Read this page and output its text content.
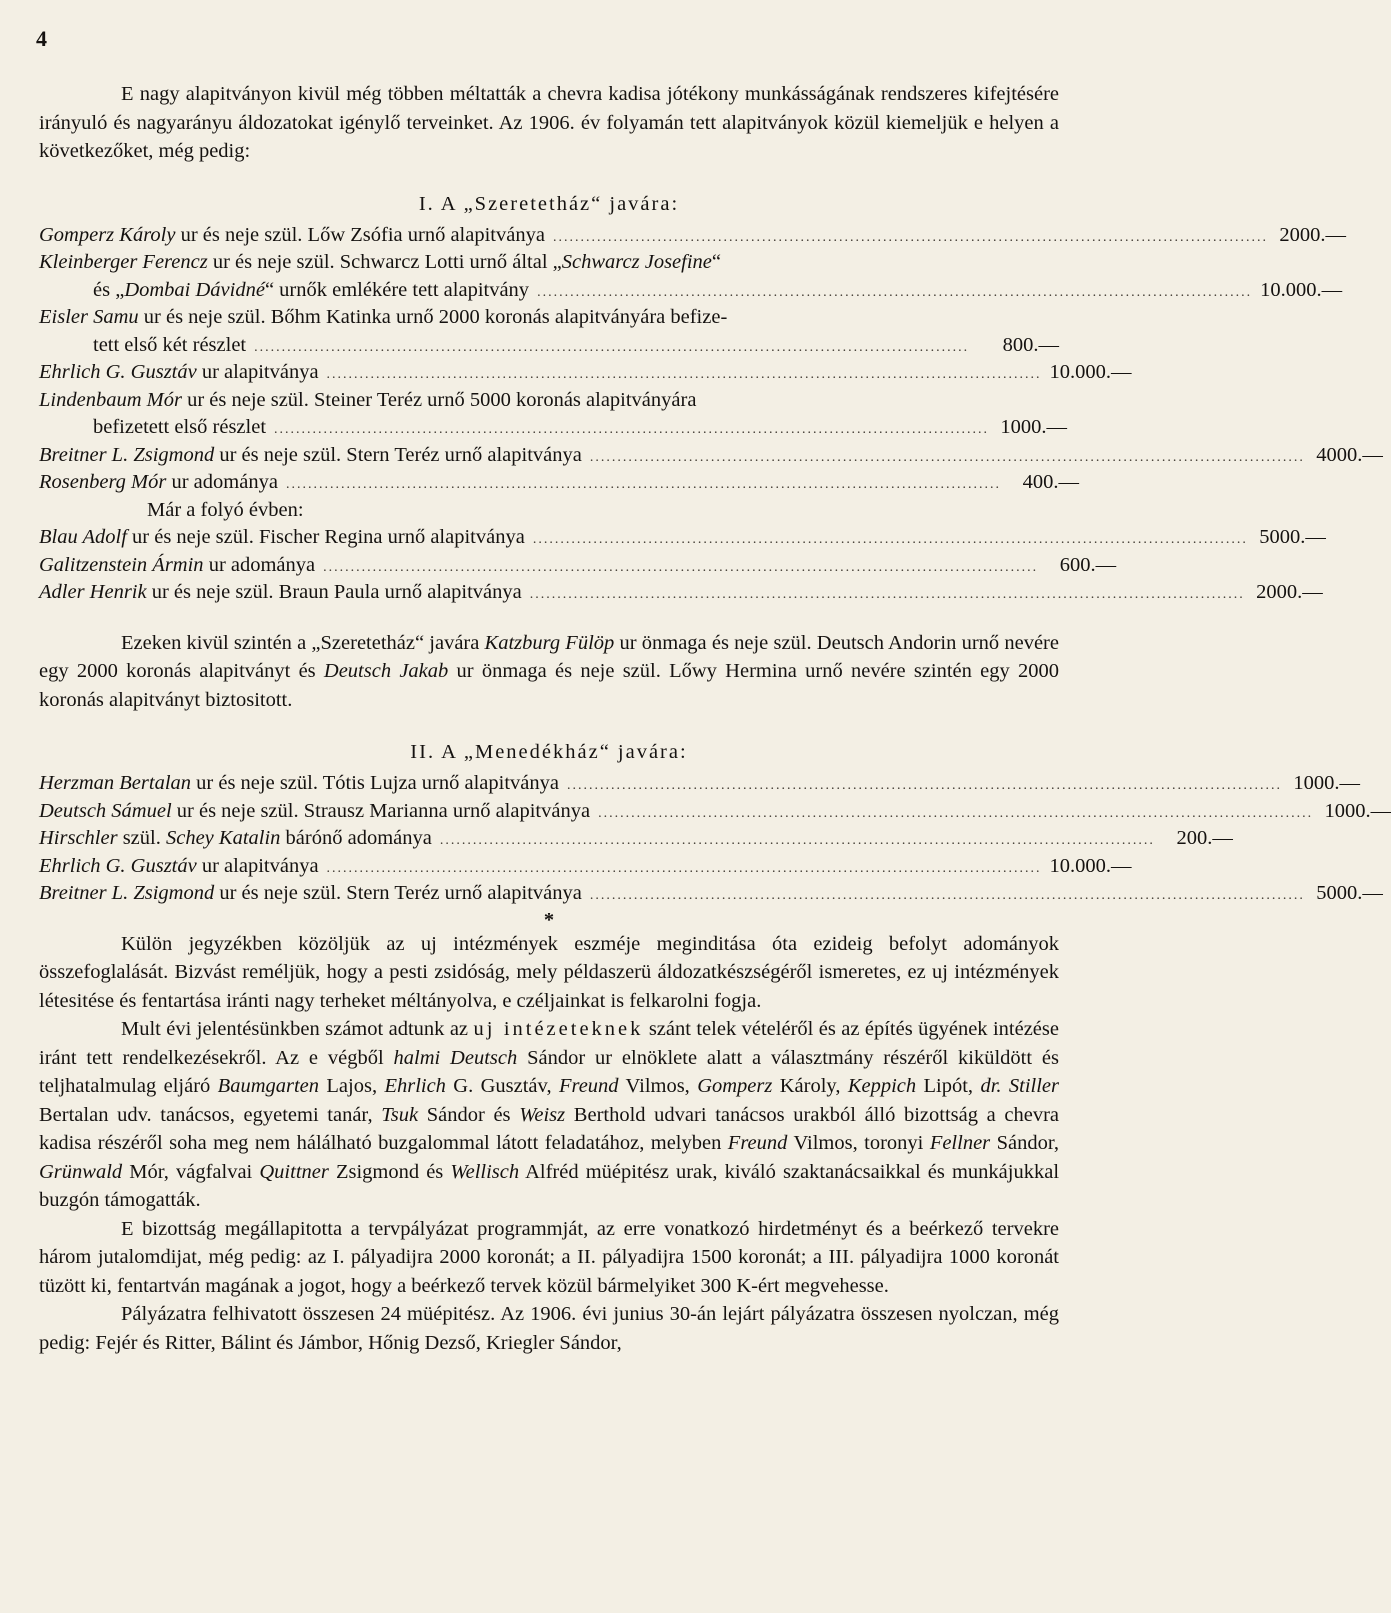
4

E nagy alapitványon kivül még többen méltatták a chevra kadisa jótékony munkásságának rendszeres kifejtésére irányuló és nagyarányu áldozatokat igénylő terveinket. Az 1906. év folyamán tett alapitványok közül kiemeljük e helyen a következőket, még pedig:

I. A „Szeretetház“ javára:
Gomperz Károly ur és neje szül. Lőw Zsófia urnő alapitványa .................................................................................................................................. 2000.—
Kleinberger Ferencz ur és neje szül. Schwarcz Lotti urnő által „Schwarcz Josefine“
és „Dombai Dávidné“ urnők emlékére tett alapitvány .................................................................................................................................. 10.000.—
Eisler Samu ur és neje szül. Bőhm Katinka urnő 2000 koronás alapitványára befize-
tett első két részlet ..................................................................................................................................	800.—
Ehrlich G. Gusztáv ur alapitványa .................................................................................................................................. 10.000.—
Lindenbaum Mór ur és neje szül. Steiner Teréz urnő 5000 koronás alapitványára
befizetett első részlet .................................................................................................................................. 1000.—
Breitner L. Zsigmond ur és neje szül. Stern Teréz urnő alapitványa .................................................................................................................................. 4000.—
Rosenberg Mór ur adománya ..................................................................................................................................	400.—
Már a folyó évben:
Blau Adolf ur és neje szül. Fischer Regina urnő alapitványa .................................................................................................................................. 5000.—
Galitzenstein Ármin ur adománya ..................................................................................................................................	600.—
Adler Henrik ur és neje szül. Braun Paula urnő alapitványa .................................................................................................................................. 2000.—

Ezeken kivül szintén a „Szeretetház“ javára Katzburg Fülöp ur önmaga és neje szül. Deutsch Andorin urnő nevére egy 2000 koronás alapitványt és Deutsch Jakab ur önmaga és neje szül. Lőwy Hermina urnő nevére szintén egy 2000 koronás alapitványt biztositott.

II. A „Menedékház“ javára:
Herzman Bertalan ur és neje szül. Tótis Lujza urnő alapitványa .................................................................................................................................. 1000.—
Deutsch Sámuel ur és neje szül. Strausz Marianna urnő alapitványa .................................................................................................................................. 1000.—
Hirschler szül. Schey Katalin bárónő adománya ..................................................................................................................................	200.—
Ehrlich G. Gusztáv ur alapitványa .................................................................................................................................. 10.000.—
Breitner L. Zsigmond ur és neje szül. Stern Teréz urnő alapitványa .................................................................................................................................. 5000.—
*

Külön jegyzékben közöljük az uj intézmények eszméje meginditása óta ezideig befolyt adományok összefoglalását. Bizvást reméljük, hogy a pesti zsidóság, mely példaszerü áldozatkészségéről ismeretes, ez uj intézmények létesitése és fentartása iránti nagy terheket méltányolva, e czéljainkat is felkarolni fogja.

Mult évi jelentésünkben számot adtunk az uj intézeteknek szánt telek vételéről és az építés ügyének intézése iránt tett rendelkezésekről. Az e végből halmi Deutsch Sándor ur elnöklete alatt a választmány részéről kiküldött és teljhatalmulag eljáró Baumgarten Lajos, Ehrlich G. Gusztáv, Freund Vilmos, Gomperz Károly, Keppich Lipót, dr. Stiller Bertalan udv. tanácsos, egyetemi tanár, Tsuk Sándor és Weisz Berthold udvari tanácsos urakból álló bizottság a chevra kadisa részéről soha meg nem hálálható buzgalommal látott feladatához, melyben Freund Vilmos, toronyi Fellner Sándor, Grünwald Mór, vágfalvai Quittner Zsigmond és Wellisch Alfréd müépitész urak, kiváló szaktanácsaikkal és munkájukkal buzgón támogatták.

E bizottság megállapitotta a tervpályázat programmját, az erre vonatkozó hirdetményt és a beérkező tervekre három jutalomdijat, még pedig: az I. pályadijra 2000 koronát; a II. pályadijra 1500 koronát; a III. pályadijra 1000 koronát tüzött ki, fentartván magának a jogot, hogy a beérkező tervek közül bármelyiket 300 K-ért megvehesse.

Pályázatra felhivatott összesen 24 müépitész. Az 1906. évi junius 30-án lejárt pályázatra összesen nyolczan, még pedig: Fejér és Ritter, Bálint és Jámbor, Hőnig Dezső, Kriegler Sándor,
